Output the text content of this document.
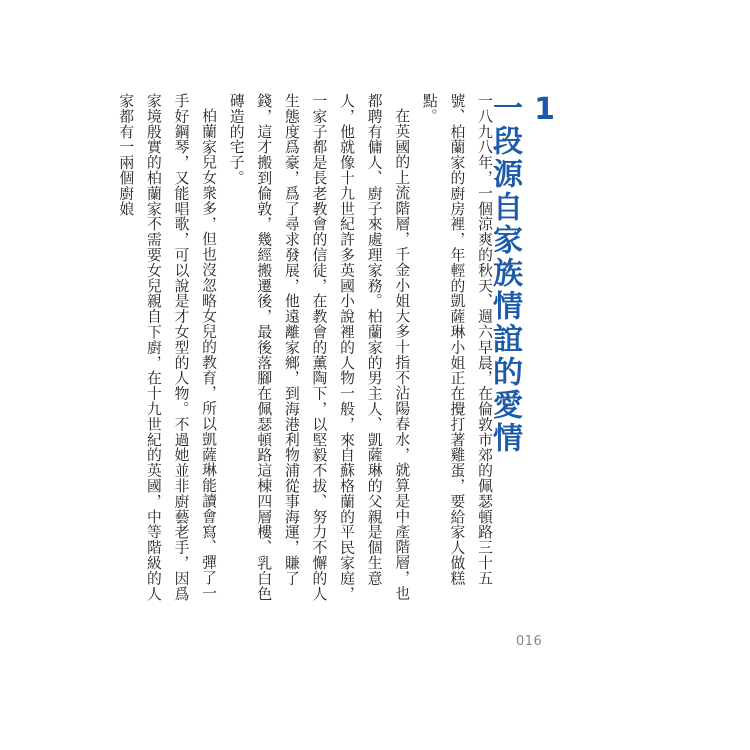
1
一段源自家族情誼的愛情

一八九八年，一個涼爽的秋天、週六早晨，在倫敦市郊的佩瑟頓路三十五號、柏蘭家的廚房裡，年輕的凱薩琳小姐正在攪打著雞蛋，要給家人做糕點。

在英國的上流階層，千金小姐大多十指不沾陽春水，就算是中產階層，也都聘有傭人、廚子來處理家務。柏蘭家的男主人、凱薩琳的父親是個生意人，他就像十九世紀許多英國小說裡的人物一般，來自蘇格蘭的平民家庭，一家子都是長老教會的信徒，在教會的薰陶下，以堅毅不拔、努力不懈的人生態度爲豪，爲了尋求發展，他遠離家鄉，到海港利物浦從事海運，賺了錢，這才搬到倫敦，幾經搬遷後，最後落腳在佩瑟頓路這棟四層樓、乳白色磚造的宅子。

柏蘭家兒女衆多，但也沒忽略女兒的教育，所以凱薩琳能讀會寫、彈了一手好鋼琴，又能唱歌，可以說是才女型的人物。不過她並非廚藝老手，因爲家境殷實的柏蘭家不需要女兒親自下廚，在十九世紀的英國，中等階級的人家都有一兩個廚娘

016
